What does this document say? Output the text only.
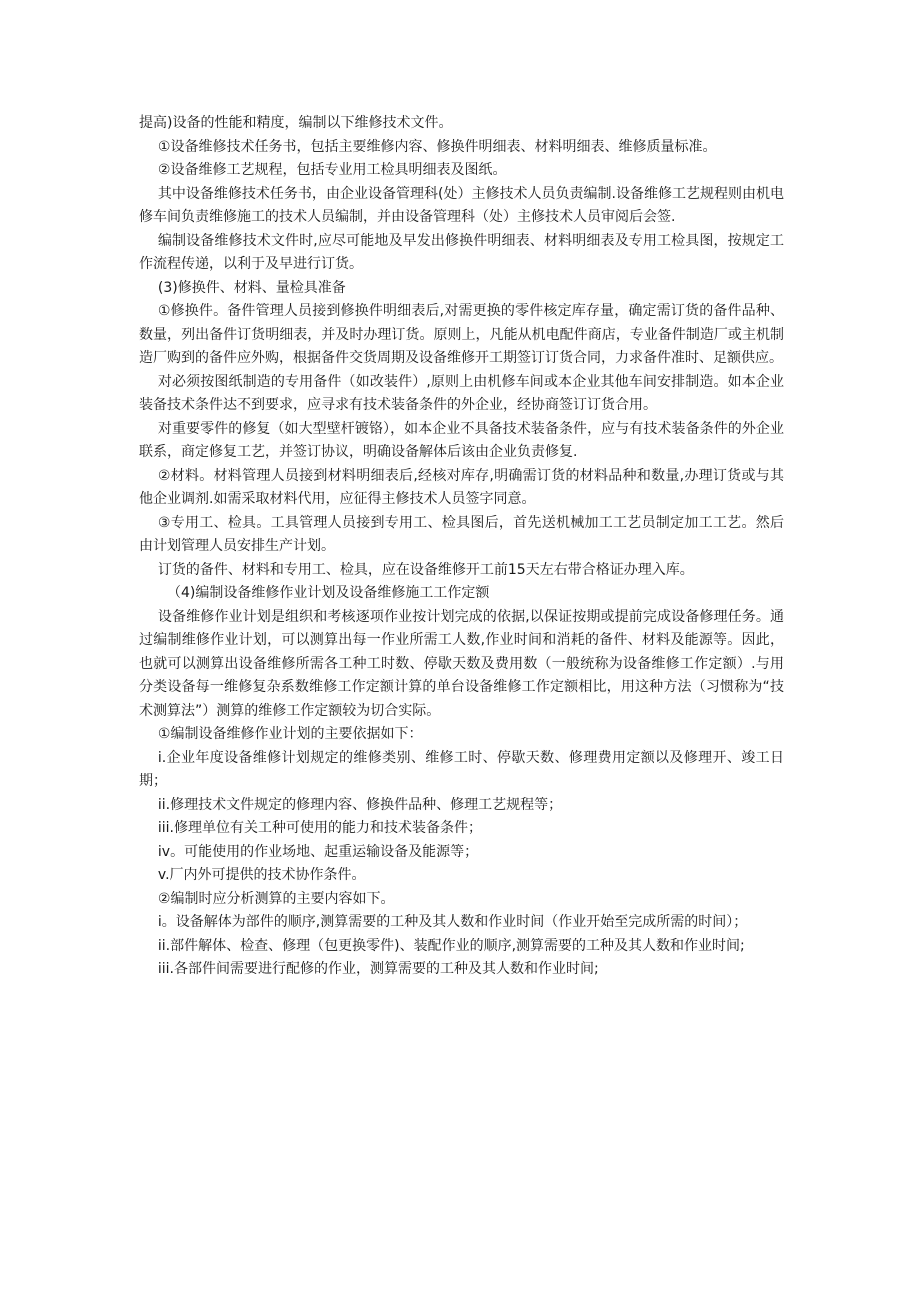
提高)设备的性能和精度，编制以下维修技术文件。

①设备维修技术任务书，包括主要维修内容、修换件明细表、材料明细表、维修质量标准。

②设备维修工艺规程，包括专业用工检具明细表及图纸。

其中设备维修技术任务书，由企业设备管理科(处）主修技术人员负责编制.设备维修工艺规程则由机电修车间负责维修施工的技术人员编制，并由设备管理科（处）主修技术人员审阅后会签.

编制设备维修技术文件时,应尽可能地及早发出修换件明细表、材料明细表及专用工检具图，按规定工作流程传递，以利于及早进行订货。

(3)修换件、材料、量检具准备

①修换件。备件管理人员接到修换件明细表后,对需更换的零件核定库存量，确定需订货的备件品种、数量，列出备件订货明细表，并及时办理订货。原则上，凡能从机电配件商店，专业备件制造厂或主机制造厂购到的备件应外购，根据备件交货周期及设备维修开工期签订订货合同，力求备件准时、足额供应。

对必须按图纸制造的专用备件（如改装件）,原则上由机修车间或本企业其他车间安排制造。如本企业装备技术条件达不到要求，应寻求有技术装备条件的外企业，经协商签订订货合用。

对重要零件的修复（如大型壁杆镀铬），如本企业不具备技术装备条件，应与有技术装备条件的外企业联系，商定修复工艺，并签订协议，明确设备解体后该由企业负责修复.

②材料。材料管理人员接到材料明细表后,经核对库存,明确需订货的材料品种和数量,办理订货或与其他企业调剂.如需采取材料代用，应征得主修技术人员签字同意。

③专用工、检具。工具管理人员接到专用工、检具图后，首先送机械加工工艺员制定加工工艺。然后由计划管理人员安排生产计划。

订货的备件、材料和专用工、检具，应在设备维修开工前15天左右带合格证办理入库。

（4)编制设备维修作业计划及设备维修施工工作定额

设备维修作业计划是组织和考核逐项作业按计划完成的依据,以保证按期或提前完成设备修理任务。通过编制维修作业计划，可以测算出每一作业所需工人数,作业时间和消耗的备件、材料及能源等。因此，也就可以测算出设备维修所需各工种工时数、停歇天数及费用数（一般统称为设备维修工作定额）.与用分类设备每一维修复杂系数维修工作定额计算的单台设备维修工作定额相比，用这种方法（习惯称为“技术测算法”）测算的维修工作定额较为切合实际。

①编制设备维修作业计划的主要依据如下：

i.企业年度设备维修计划规定的维修类别、维修工时、停歇天数、修理费用定额以及修理开、竣工日期；

ii.修理技术文件规定的修理内容、修换件品种、修理工艺规程等；

iii.修理单位有关工种可使用的能力和技术装备条件；

iv。可能使用的作业场地、起重运输设备及能源等；

v.厂内外可提供的技术协作条件。

②编制时应分析测算的主要内容如下。

i。设备解体为部件的顺序,测算需要的工种及其人数和作业时间（作业开始至完成所需的时间）；

ii.部件解体、检查、修理（包更换零件)、装配作业的顺序,测算需要的工种及其人数和作业时间;

iii.各部件间需要进行配修的作业，测算需要的工种及其人数和作业时间;
